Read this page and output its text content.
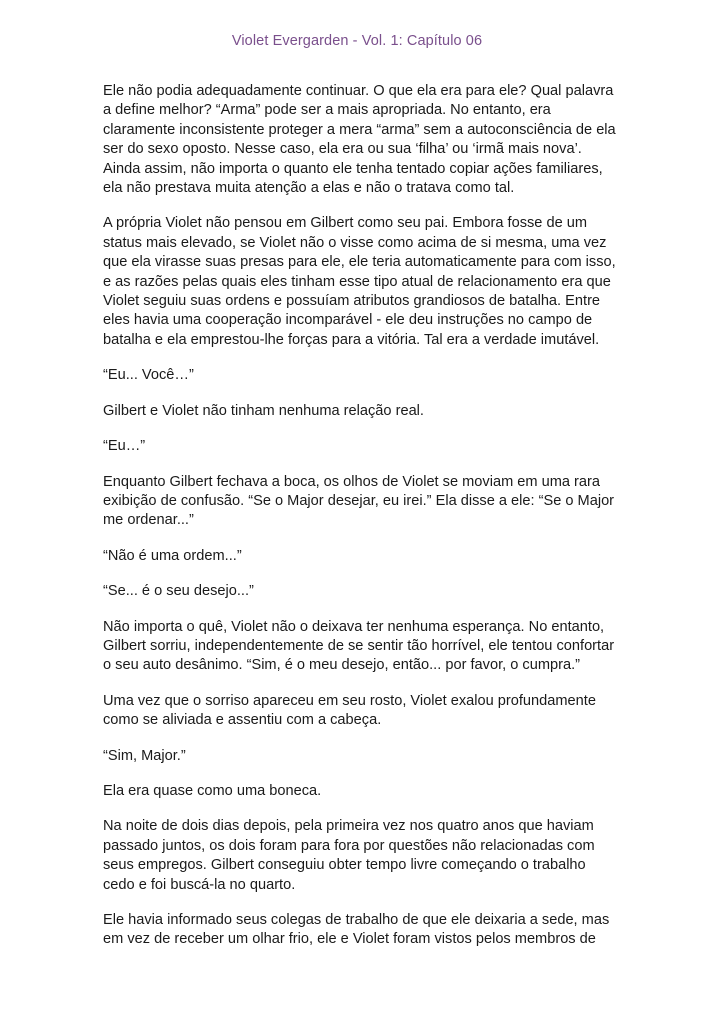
Violet Evergarden - Vol. 1: Capítulo 06

Ele não podia adequadamente continuar. O que ela era para ele? Qual palavra
a define melhor? “Arma” pode ser a mais apropriada. No entanto, era
claramente inconsistente proteger a mera “arma” sem a autoconsciência de ela
ser do sexo oposto. Nesse caso, ela era ou sua ‘filha’ ou ‘irmã mais nova’.
Ainda assim, não importa o quanto ele tenha tentado copiar ações familiares,
ela não prestava muita atenção a elas e não o tratava como tal.

A própria Violet não pensou em Gilbert como seu pai. Embora fosse de um
status mais elevado, se Violet não o visse como acima de si mesma, uma vez
que ela virasse suas presas para ele, ele teria automaticamente para com isso,
e as razões pelas quais eles tinham esse tipo atual de relacionamento era que
Violet seguiu suas ordens e possuíam atributos grandiosos de batalha. Entre
eles havia uma cooperação incomparável - ele deu instruções no campo de
batalha e ela emprestou-lhe forças para a vitória. Tal era a verdade imutável.

“Eu... Você…”

Gilbert e Violet não tinham nenhuma relação real.

“Eu…”

Enquanto Gilbert fechava a boca, os olhos de Violet se moviam em uma rara
exibição de confusão. “Se o Major desejar, eu irei.” Ela disse a ele: “Se o Major
me ordenar...”

“Não é uma ordem...”

“Se... é o seu desejo...”

Não importa o quê, Violet não o deixava ter nenhuma esperança. No entanto,
Gilbert sorriu, independentemente de se sentir tão horrível, ele tentou confortar
o seu auto desânimo. “Sim, é o meu desejo, então... por favor, o cumpra.”

Uma vez que o sorriso apareceu em seu rosto, Violet exalou profundamente
como se aliviada e assentiu com a cabeça.

“Sim, Major.”

Ela era quase como uma boneca.

Na noite de dois dias depois, pela primeira vez nos quatro anos que haviam
passado juntos, os dois foram para fora por questões não relacionadas com
seus empregos. Gilbert conseguiu obter tempo livre começando o trabalho
cedo e foi buscá-la no quarto.

Ele havia informado seus colegas de trabalho de que ele deixaria a sede, mas
em vez de receber um olhar frio, ele e Violet foram vistos pelos membros de
